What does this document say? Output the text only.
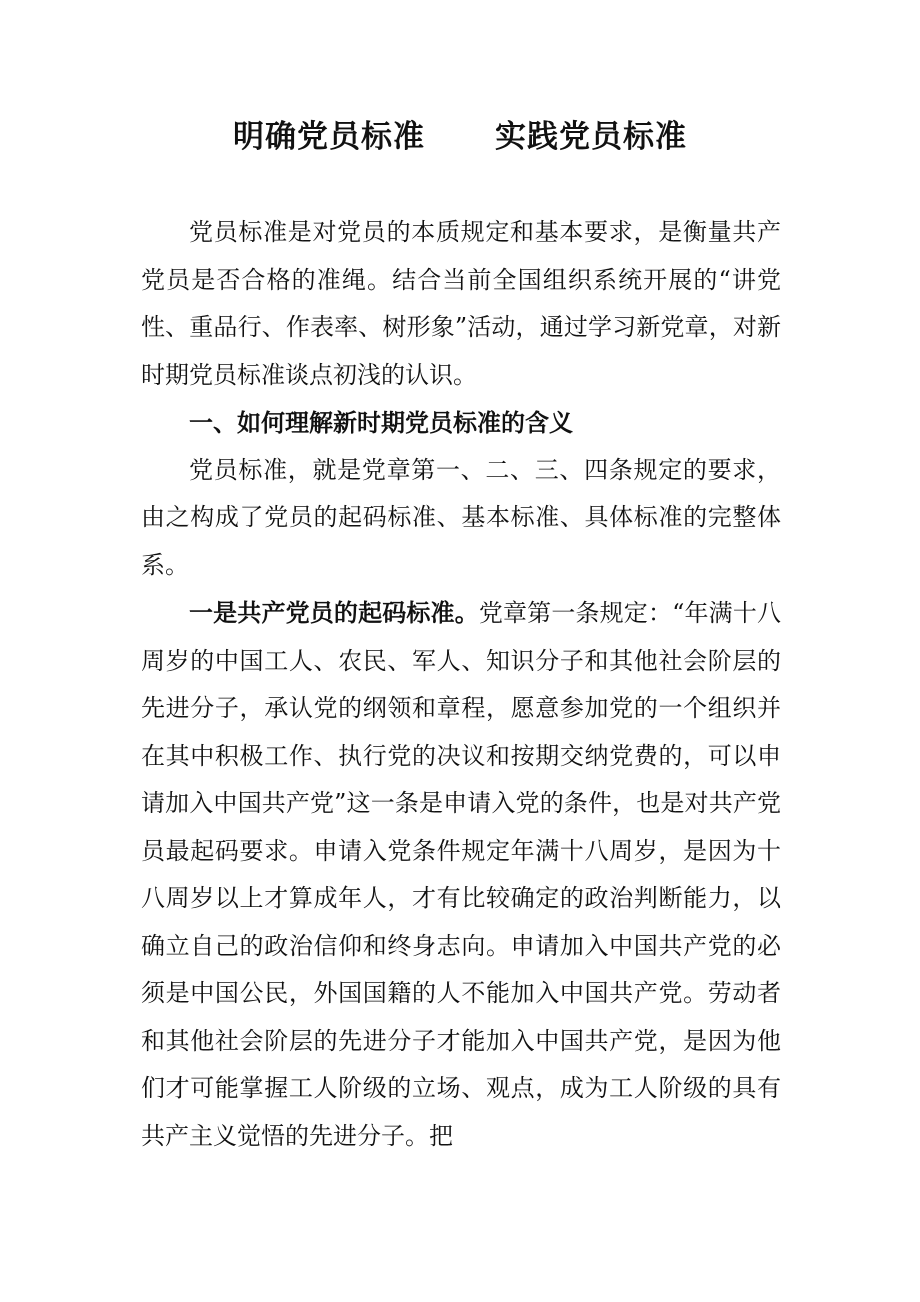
明确党员标准 实践党员标准

党员标准是对党员的本质规定和基本要求，是衡量共产党员是否合格的准绳。结合当前全国组织系统开展的“讲党性、重品行、作表率、树形象”活动，通过学习新党章，对新时期党员标准谈点初浅的认识。

一、如何理解新时期党员标准的含义

党员标准，就是党章第一、二、三、四条规定的要求，由之构成了党员的起码标准、基本标准、具体标准的完整体系。

一是共产党员的起码标准。党章第一条规定：“年满十八周岁的中国工人、农民、军人、知识分子和其他社会阶层的先进分子，承认党的纲领和章程，愿意参加党的一个组织并在其中积极工作、执行党的决议和按期交纳党费的，可以申请加入中国共产党”这一条是申请入党的条件，也是对共产党员最起码要求。申请入党条件规定年满十八周岁，是因为十八周岁以上才算成年人，才有比较确定的政治判断能力，以确立自己的政治信仰和终身志向。申请加入中国共产党的必须是中国公民，外国国籍的人不能加入中国共产党。劳动者和其他社会阶层的先进分子才能加入中国共产党，是因为他们才可能掌握工人阶级的立场、观点，成为工人阶级的具有共产主义觉悟的先进分子。把
